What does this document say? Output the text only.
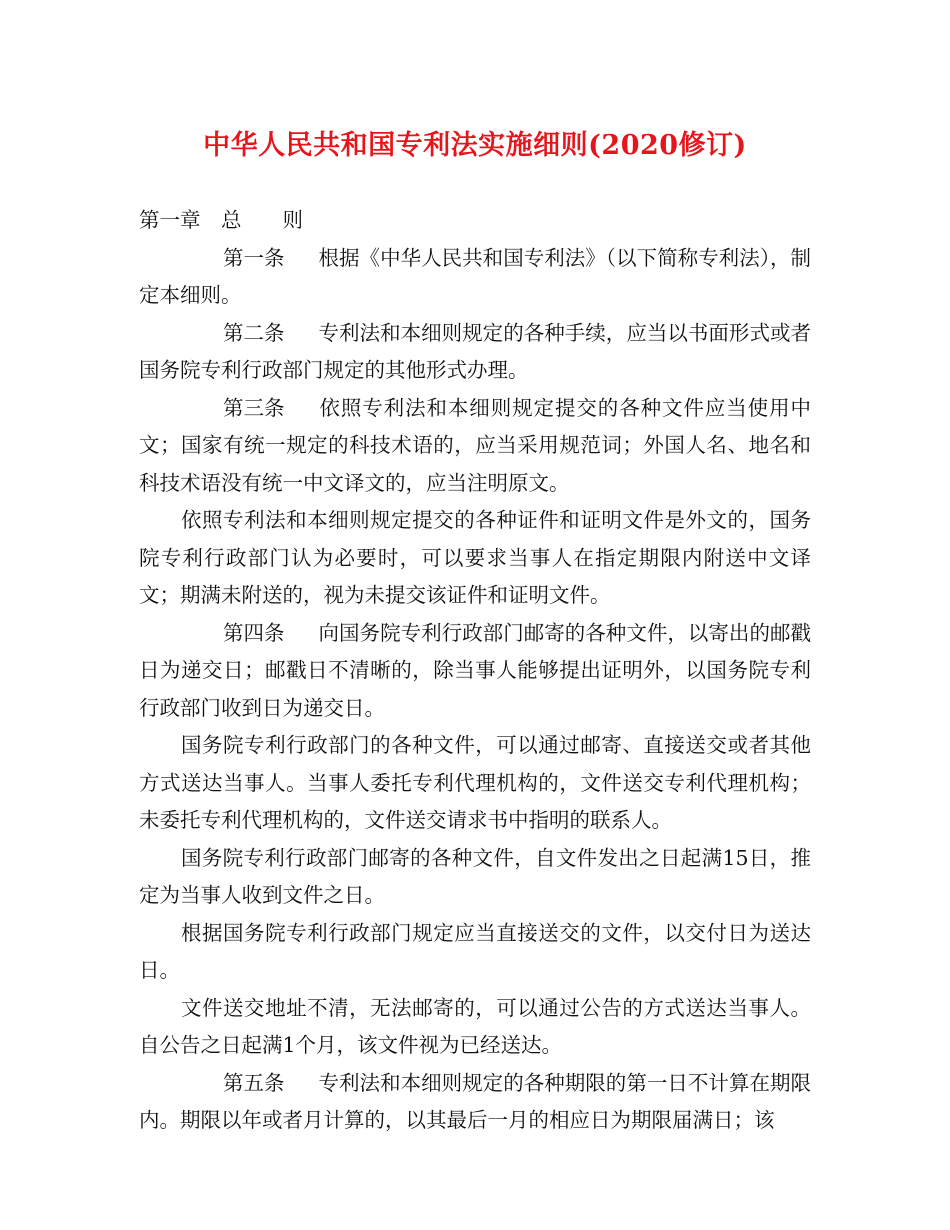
中华人民共和国专利法实施细则(2020修订)

第一章　总　　则

第一条 根据《中华人民共和国专利法》（以下简称专利法），制定本细则。

第二条 专利法和本细则规定的各种手续，应当以书面形式或者国务院专利行政部门规定的其他形式办理。

第三条 依照专利法和本细则规定提交的各种文件应当使用中文；国家有统一规定的科技术语的，应当采用规范词；外国人名、地名和科技术语没有统一中文译文的，应当注明原文。

依照专利法和本细则规定提交的各种证件和证明文件是外文的，国务院专利行政部门认为必要时，可以要求当事人在指定期限内附送中文译文；期满未附送的，视为未提交该证件和证明文件。

第四条 向国务院专利行政部门邮寄的各种文件，以寄出的邮戳日为递交日；邮戳日不清晰的，除当事人能够提出证明外，以国务院专利行政部门收到日为递交日。

国务院专利行政部门的各种文件，可以通过邮寄、直接送交或者其他方式送达当事人。当事人委托专利代理机构的，文件送交专利代理机构；未委托专利代理机构的，文件送交请求书中指明的联系人。

国务院专利行政部门邮寄的各种文件，自文件发出之日起满15日，推定为当事人收到文件之日。

根据国务院专利行政部门规定应当直接送交的文件，以交付日为送达日。

文件送交地址不清，无法邮寄的，可以通过公告的方式送达当事人。自公告之日起满1个月，该文件视为已经送达。

第五条 专利法和本细则规定的各种期限的第一日不计算在期限内。期限以年或者月计算的，以其最后一月的相应日为期限届满日；该
